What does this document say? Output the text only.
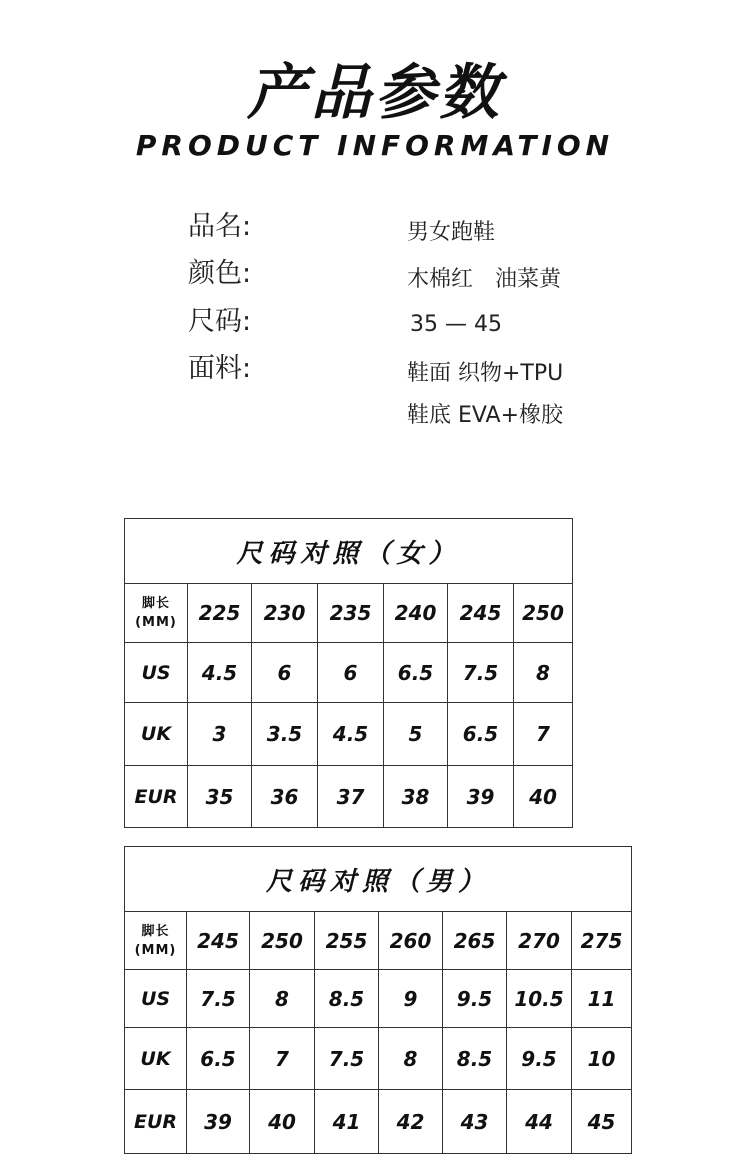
产品参数
PRODUCT INFORMATION
品名:	男女跑鞋
颜色:	木棉红　油菜黄
尺码:	35 — 45
面料:	鞋面 织物+TPU
鞋底 EVA+橡胶
尺码对照（女）						

脚长
(MM)	225	230	235	240	245	250
US	4.5	6	6	6.5	7.5	8
UK	3	3.5	4.5	5	6.5	7
EUR	35	36	37	38	39	40
尺码对照（男）							

脚长
(MM)	245	250	255	260	265	270	275
US	7.5	8	8.5	9	9.5	10.5	11
UK	6.5	7	7.5	8	8.5	9.5	10
EUR	39	40	41	42	43	44	45
